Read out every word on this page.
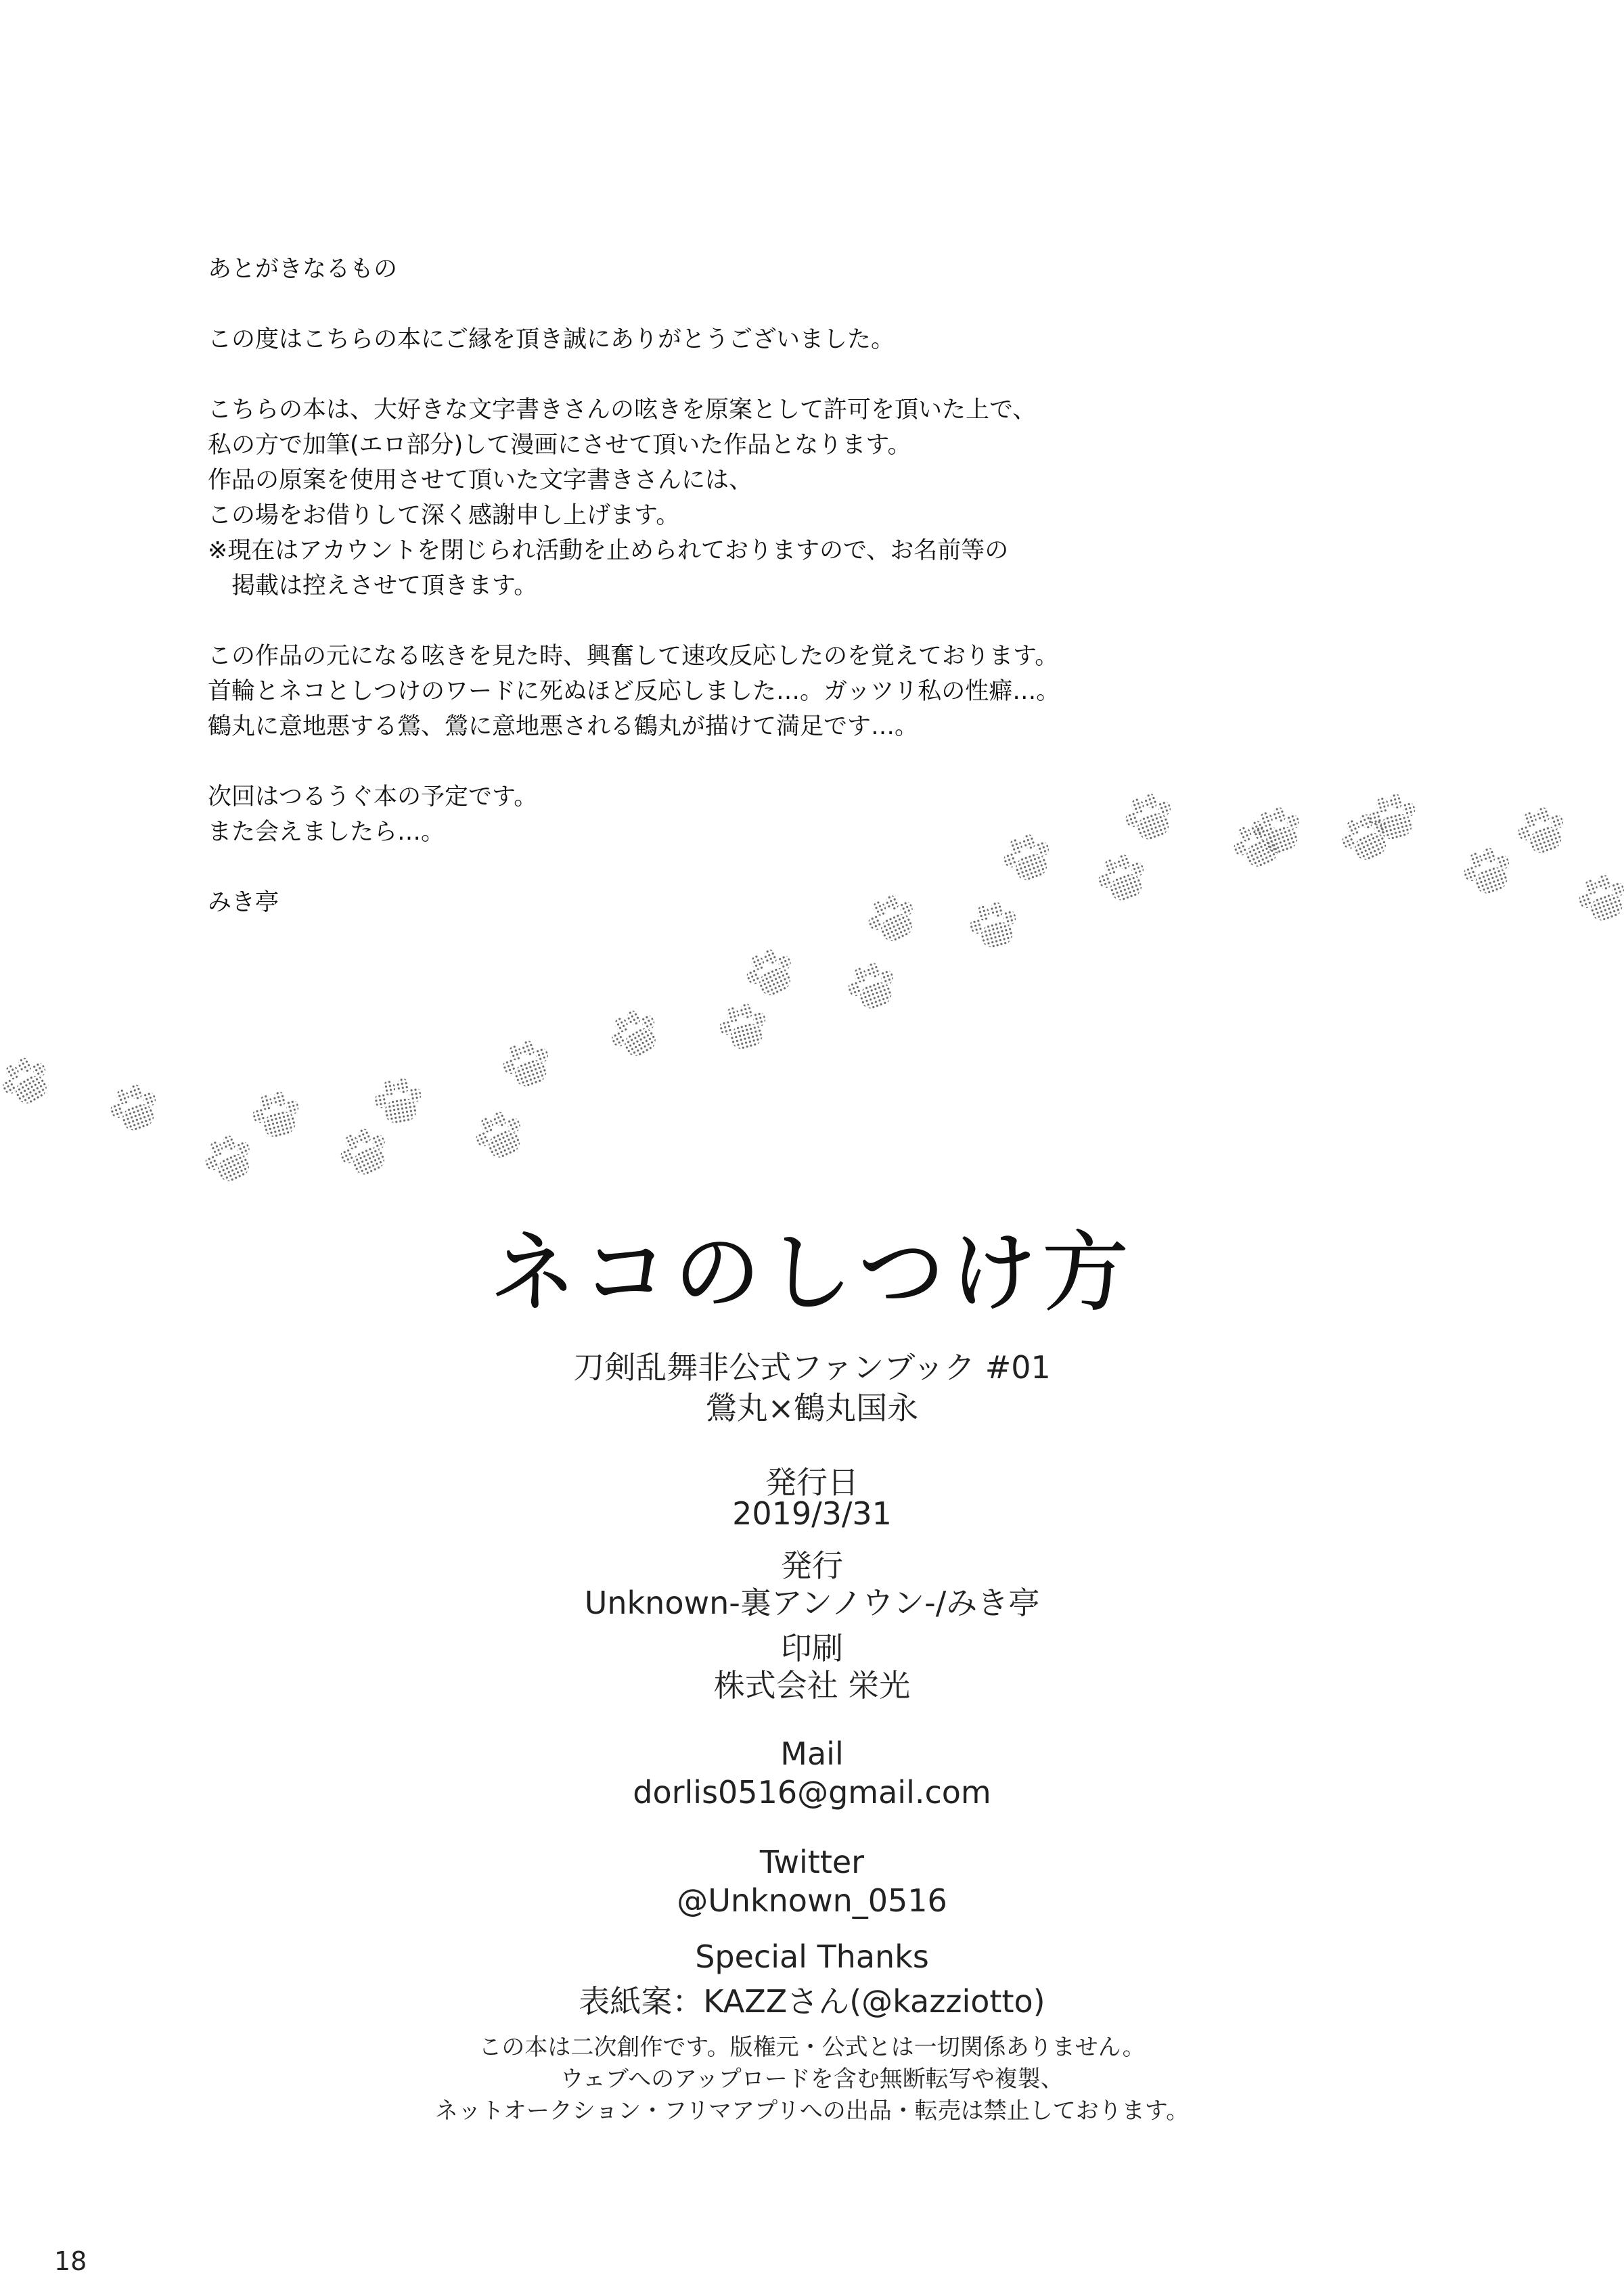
あとがきなるもの
この度はこちらの本にご縁を頂き誠にありがとうございました。
こちらの本は、大好きな文字書きさんの呟きを原案として許可を頂いた上で、
私の方で加筆(エロ部分)して漫画にさせて頂いた作品となります。
作品の原案を使用させて頂いた文字書きさんには、
この場をお借りして深く感謝申し上げます。
※現在はアカウントを閉じられ活動を止められておりますので、お名前等の
　掲載は控えさせて頂きます。
この作品の元になる呟きを見た時、興奮して速攻反応したのを覚えております。
首輪とネコとしつけのワードに死ぬほど反応しました…。ガッツリ私の性癖…。
鶴丸に意地悪する鶯、鶯に意地悪される鶴丸が描けて満足です…。
次回はつるうぐ本の予定です。
また会えましたら…。
みき亭
ネコのしつけ方
刀剣乱舞非公式ファンブック #01
鶯丸×鶴丸国永
発行日
2019/3/31
発行
Unknown-裏アンノウン-/みき亭
印刷
株式会社 栄光
Mail
dorlis0516@gmail.com
Twitter
@Unknown_0516
Special Thanks
表紙案：KAZZさん(@kazziotto)
この本は二次創作です。版権元・公式とは一切関係ありません。
ウェブへのアップロードを含む無断転写や複製、
ネットオークション・フリマアプリへの出品・転売は禁止しております。
18
